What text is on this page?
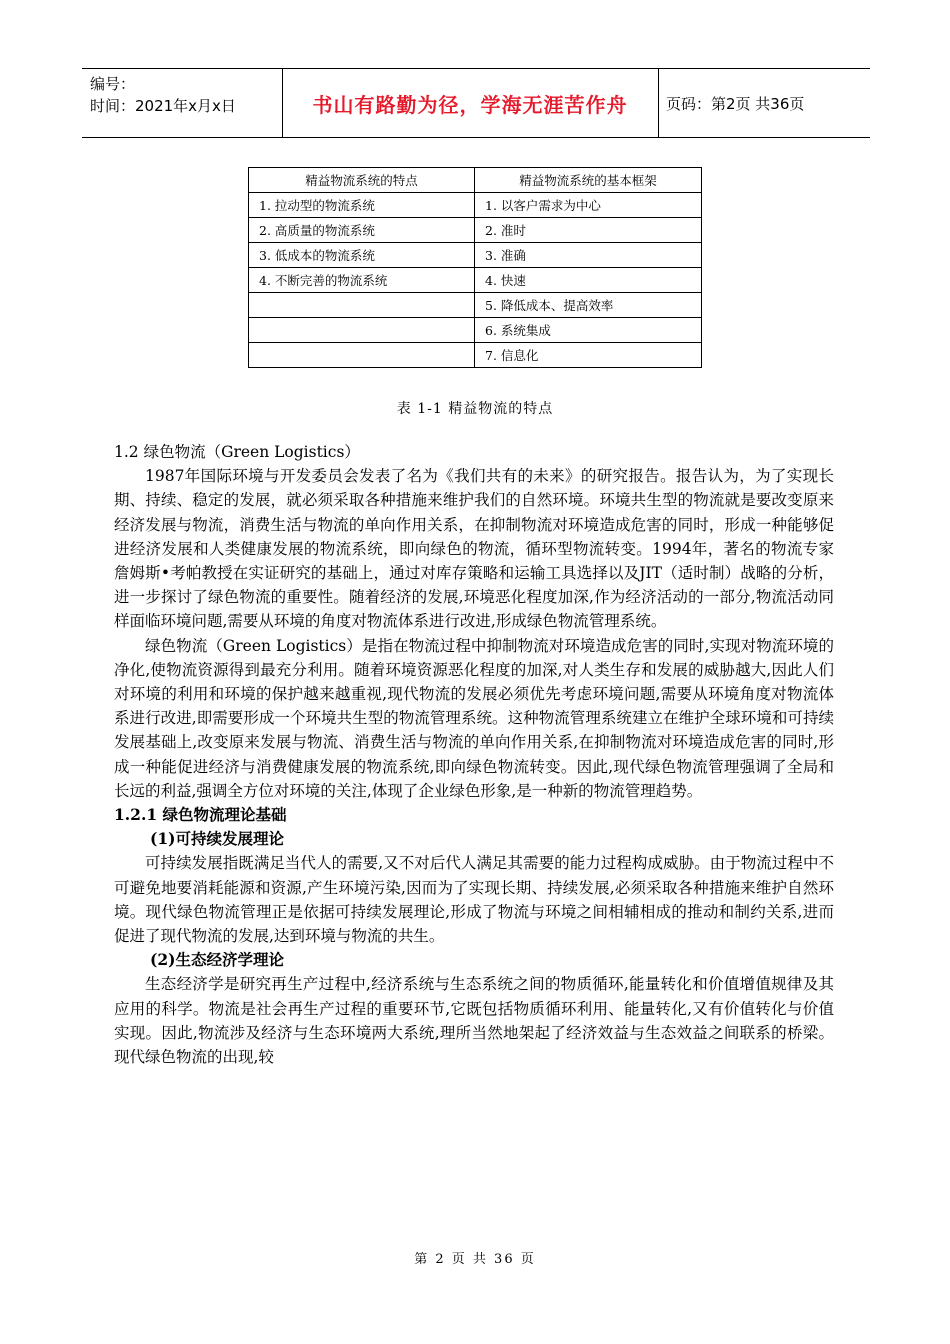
编号：
时间：2021年x月x日	书山有路勤为径，学海无涯苦作舟	页码：第2页 共36页
精益物流系统的特点	精益物流系统的基本框架
1. 拉动型的物流系统	1. 以客户需求为中心
2. 高质量的物流系统	2. 准时
3. 低成本的物流系统	3. 准确
4. 不断完善的物流系统	4. 快速
	5. 降低成本、提高效率
	6. 系统集成
	7. 信息化
表 1-1 精益物流的特点
1.2 绿色物流（Green Logistics）

1987年国际环境与开发委员会发表了名为《我们共有的未来》的研究报告。报告认为，为了实现长期、持续、稳定的发展，就必须采取各种措施来维护我们的自然环境。环境共生型的物流就是要改变原来经济发展与物流，消费生活与物流的单向作用关系，在抑制物流对环境造成危害的同时，形成一种能够促进经济发展和人类健康发展的物流系统，即向绿色的物流，循环型物流转变。1994年，著名的物流专家詹姆斯•考帕教授在实证研究的基础上，通过对库存策略和运输工具选择以及JIT（适时制）战略的分析，进一步探讨了绿色物流的重要性。随着经济的发展,环境恶化程度加深,作为经济活动的一部分,物流活动同样面临环境问题,需要从环境的角度对物流体系进行改进,形成绿色物流管理系统。

绿色物流（Green Logistics）是指在物流过程中抑制物流对环境造成危害的同时,实现对物流环境的净化,使物流资源得到最充分利用。随着环境资源恶化程度的加深,对人类生存和发展的威胁越大,因此人们对环境的利用和环境的保护越来越重视,现代物流的发展必须优先考虑环境问题,需要从环境角度对物流体系进行改进,即需要形成一个环境共生型的物流管理系统。这种物流管理系统建立在维护全球环境和可持续发展基础上,改变原来发展与物流、消费生活与物流的单向作用关系,在抑制物流对环境造成危害的同时,形成一种能促进经济与消费健康发展的物流系统,即向绿色物流转变。因此,现代绿色物流管理强调了全局和长远的利益,强调全方位对环境的关注,体现了企业绿色形象,是一种新的物流管理趋势。

1.2.1 绿色物流理论基础
(1)可持续发展理论

可持续发展指既满足当代人的需要,又不对后代人满足其需要的能力过程构成威胁。由于物流过程中不可避免地要消耗能源和资源,产生环境污染,因而为了实现长期、持续发展,必须采取各种措施来维护自然环境。现代绿色物流管理正是依据可持续发展理论,形成了物流与环境之间相辅相成的推动和制约关系,进而促进了现代物流的发展,达到环境与物流的共生。

(2)生态经济学理论

生态经济学是研究再生产过程中,经济系统与生态系统之间的物质循环,能量转化和价值增值规律及其应用的科学。物流是社会再生产过程的重要环节,它既包括物质循环利用、能量转化,又有价值转化与价值实现。因此,物流涉及经济与生态环境两大系统,理所当然地架起了经济效益与生态效益之间联系的桥梁。现代绿色物流的出现,较

第 2 页 共 36 页
